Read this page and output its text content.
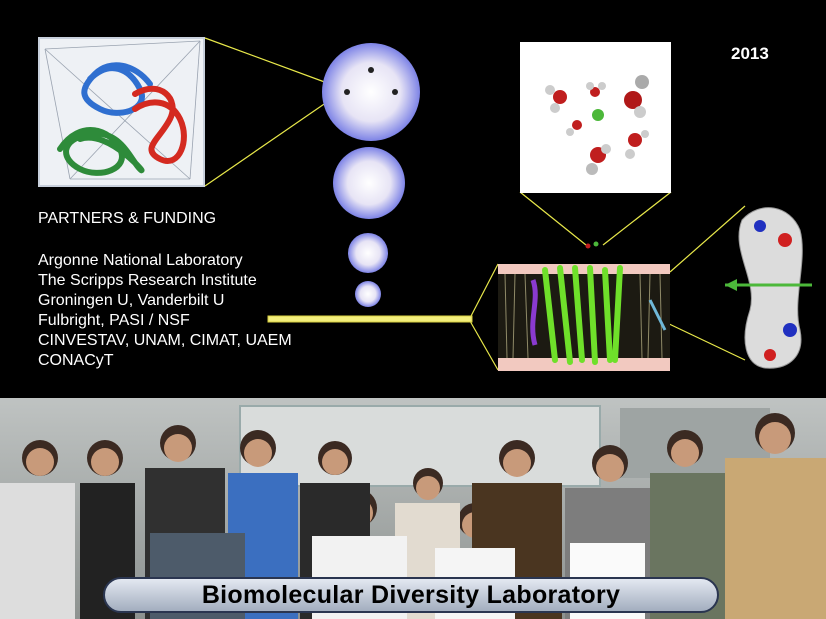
2013
PARTNERS & FUNDING
Argonne National Laboratory
The Scripps Research Institute
Groningen U, Vanderbilt U
Fulbright, PASI / NSF
CINVESTAV, UNAM, CIMAT, UAEM
CONACyT
Biomolecular Diversity Laboratory
